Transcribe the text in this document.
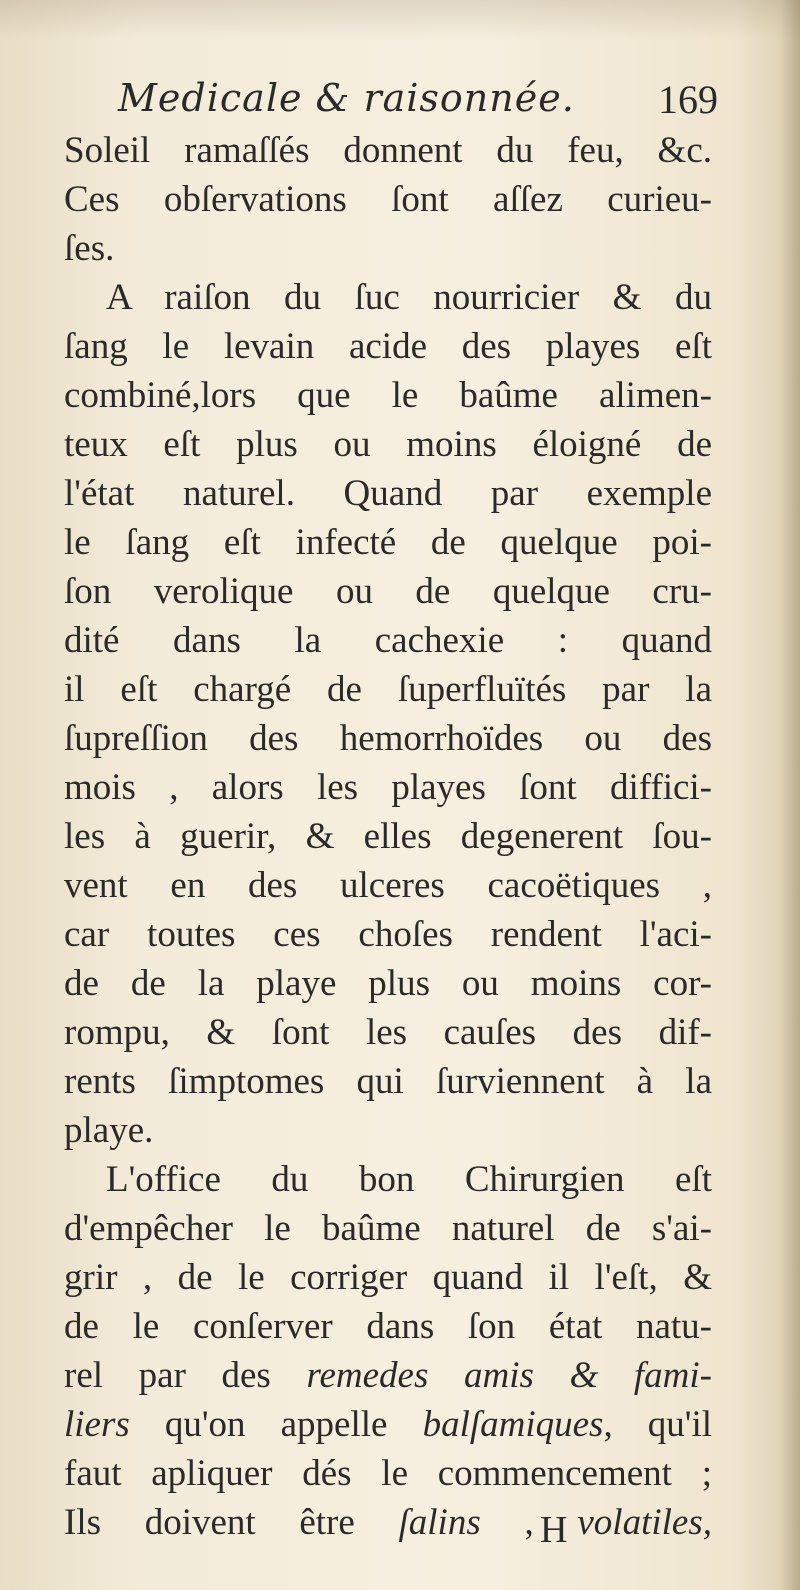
Medicale & raisonnée. 169
Soleil ramaſſés donnent du feu, &c.
Ces obſervations ſont aſſez curieu-
ſes.
A raiſon du ſuc nourricier & du
ſang le levain acide des playes eſt
combiné,lors que le baûme alimen-
teux eſt plus ou moins éloigné de
l'état naturel. Quand par exemple
le ſang eſt infecté de quelque poi-
ſon verolique ou de quelque cru-
dité dans la cachexie : quand
il eſt chargé de ſuperfluïtés par la
ſupreſſion des hemorrhoïdes ou des
mois , alors les playes ſont diffici-
les à guerir, & elles degenerent ſou-
vent en des ulceres cacoëtiques ,
car toutes ces choſes rendent l'aci-
de de la playe plus ou moins cor-
rompu, & ſont les cauſes des dif-
rents ſimptomes qui ſurviennent à la
playe.
L'office du bon Chirurgien eſt
d'empêcher le baûme naturel de s'ai-
grir , de le corriger quand il l'eſt, &
de le conſerver dans ſon état natu-
rel par des remedes amis & fami-
liers qu'on appelle balſamiques, qu'il
faut apliquer dés le commencement ;
Ils doivent être ſalins , volatiles,
H
